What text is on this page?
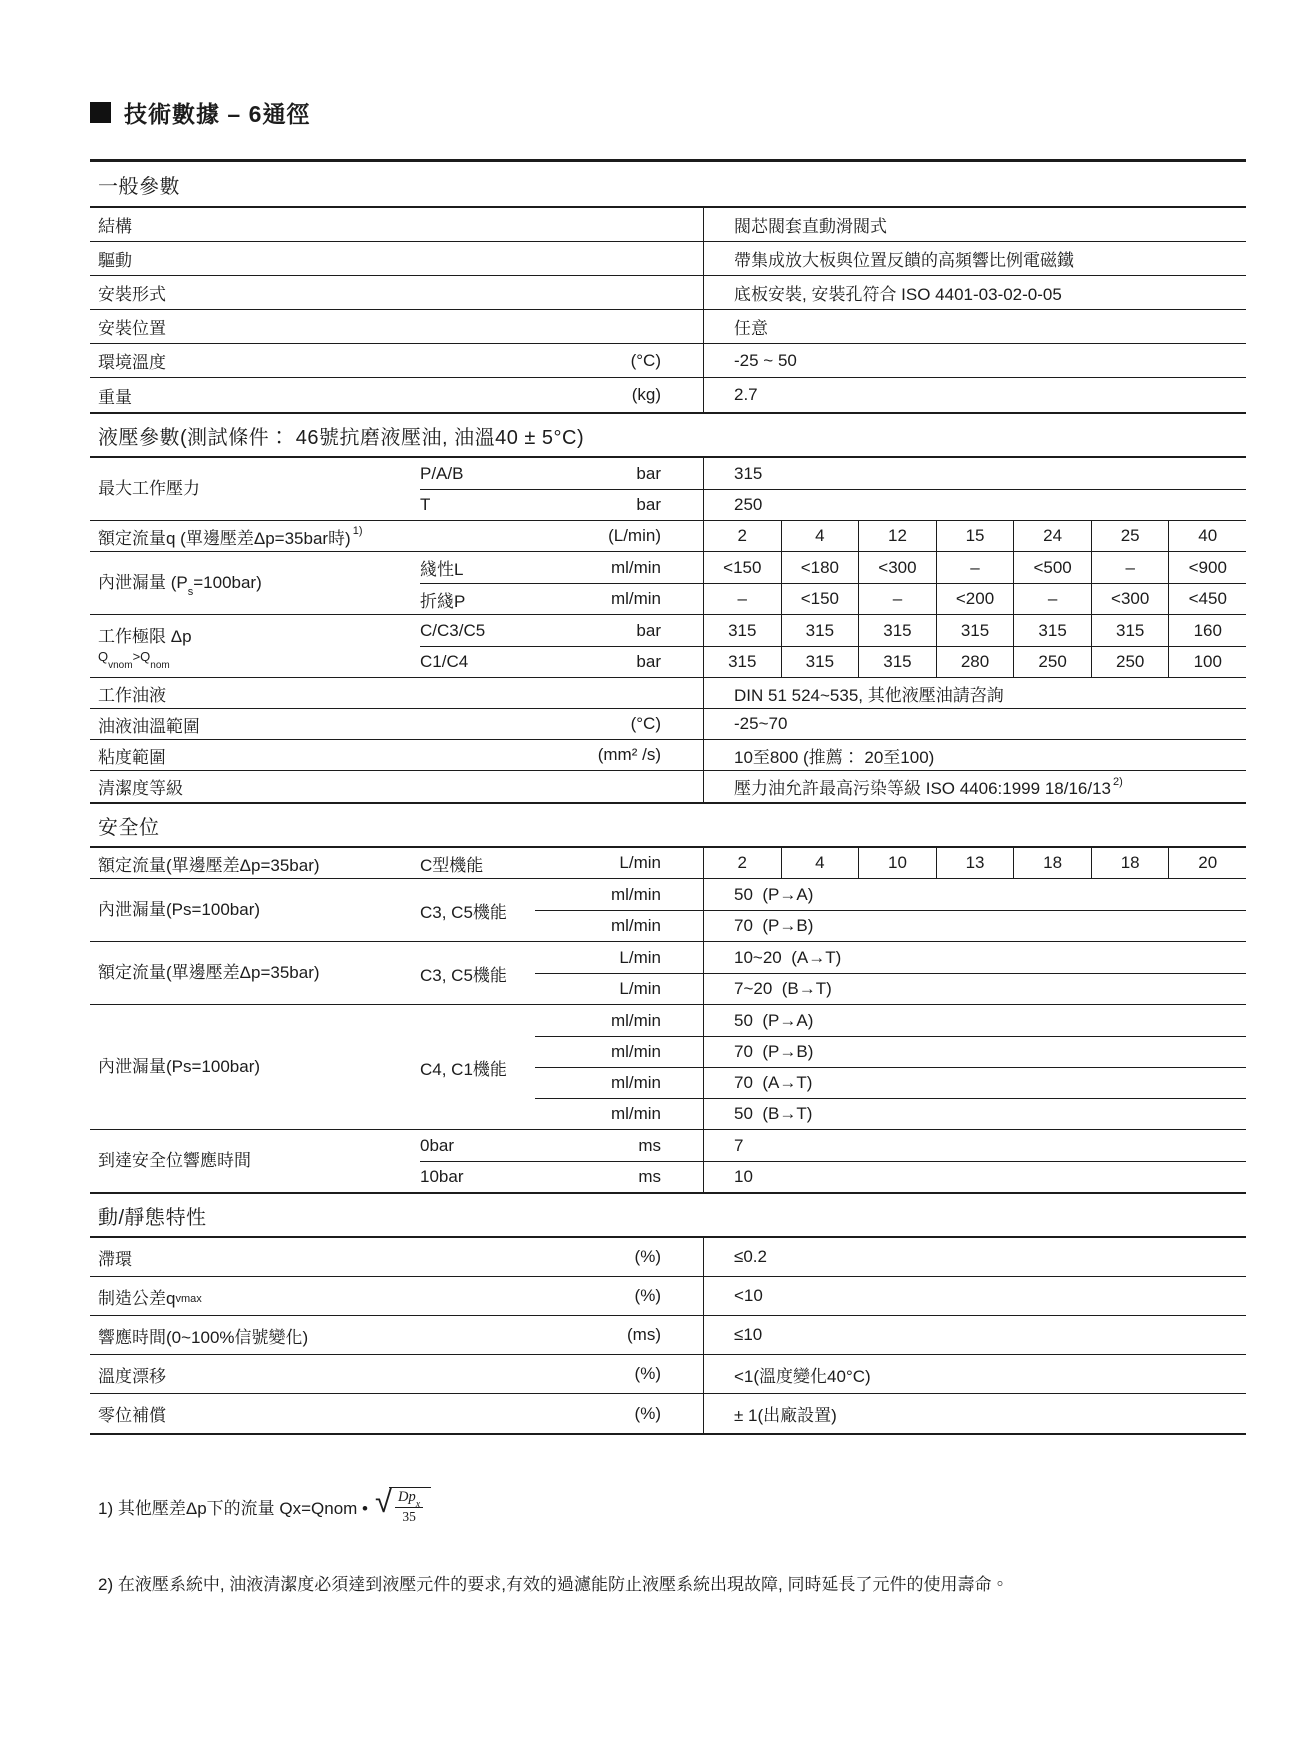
技術數據 – 6通徑
一般參數
結構	閥芯閥套直動滑閥式
驅動	帶集成放大板與位置反饋的高頻響比例電磁鐵
安裝形式	底板安裝, 安裝孔符合 ISO 4401-03-02-0-05
安裝位置	任意
環境溫度	(°C)	-25 ~ 50
重量	(kg)	2.7
液壓參數(測試條件： 46號抗磨液壓油, 油溫40 ± 5°C)
最大工作壓力
P/A/B	bar	315
T	bar	250
額定流量q (單邊壓差Δp=35bar時)$^{1)}$	(L/min)	2	4	12	15	24	25	40
內泄漏量 $(P_s=100bar)$
綫性L	ml/min	<150	<180	<300	–	<500	–	<900
折綫P	ml/min	–	<150	–	<200	–	<300	<450
工作極限 Δp
$Q_{vnom}>Q_{nom}$
C/C3/C5	bar	315	315	315	315	315	315	160
C1/C4	bar	315	315	315	280	250	250	100
工作油液	DIN 51 524~535, 其他液壓油請咨詢
油液油溫範圍	(°C)	-25~70
粘度範圍	(mm² /s)	10至800 (推薦： 20至100)
清潔度等級	壓力油允許最高污染等級 ISO 4406:1999 18/16/13$^{2)}$
安全位
額定流量(單邊壓差Δp=35bar)	C型機能	L/min	2	4	10	13	18	18	20
內泄漏量(Ps=100bar)	C3, C5機能
ml/min	50  (P→A)
ml/min	70  (P→B)
額定流量(單邊壓差Δp=35bar)	C3, C5機能
L/min	10~20  (A→T)
L/min	7~20  (B→T)
內泄漏量(Ps=100bar)	C4, C1機能
ml/min	50  (P→A)
ml/min	70  (P→B)
ml/min	70  (A→T)
ml/min	50  (B→T)
到達安全位響應時間
0bar	ms	7
10bar	ms	10
動/靜態特性
滯環	(%)	≤0.2
制造公差$q_{vmax}$	(%)	<10
響應時間(0~100%信號變化)	(ms)	≤10
溫度漂移	(%)	<1(溫度變化40°C)
零位補償	(%)	± 1(出廠設置)
1) 其他壓差Δp下的流量 Qx=Qnom • √ $Dp_x$
35
2) 在液壓系統中, 油液清潔度必須達到液壓元件的要求,有效的過濾能防止液壓系統出現故障, 同時延長了元件的使用壽命。
